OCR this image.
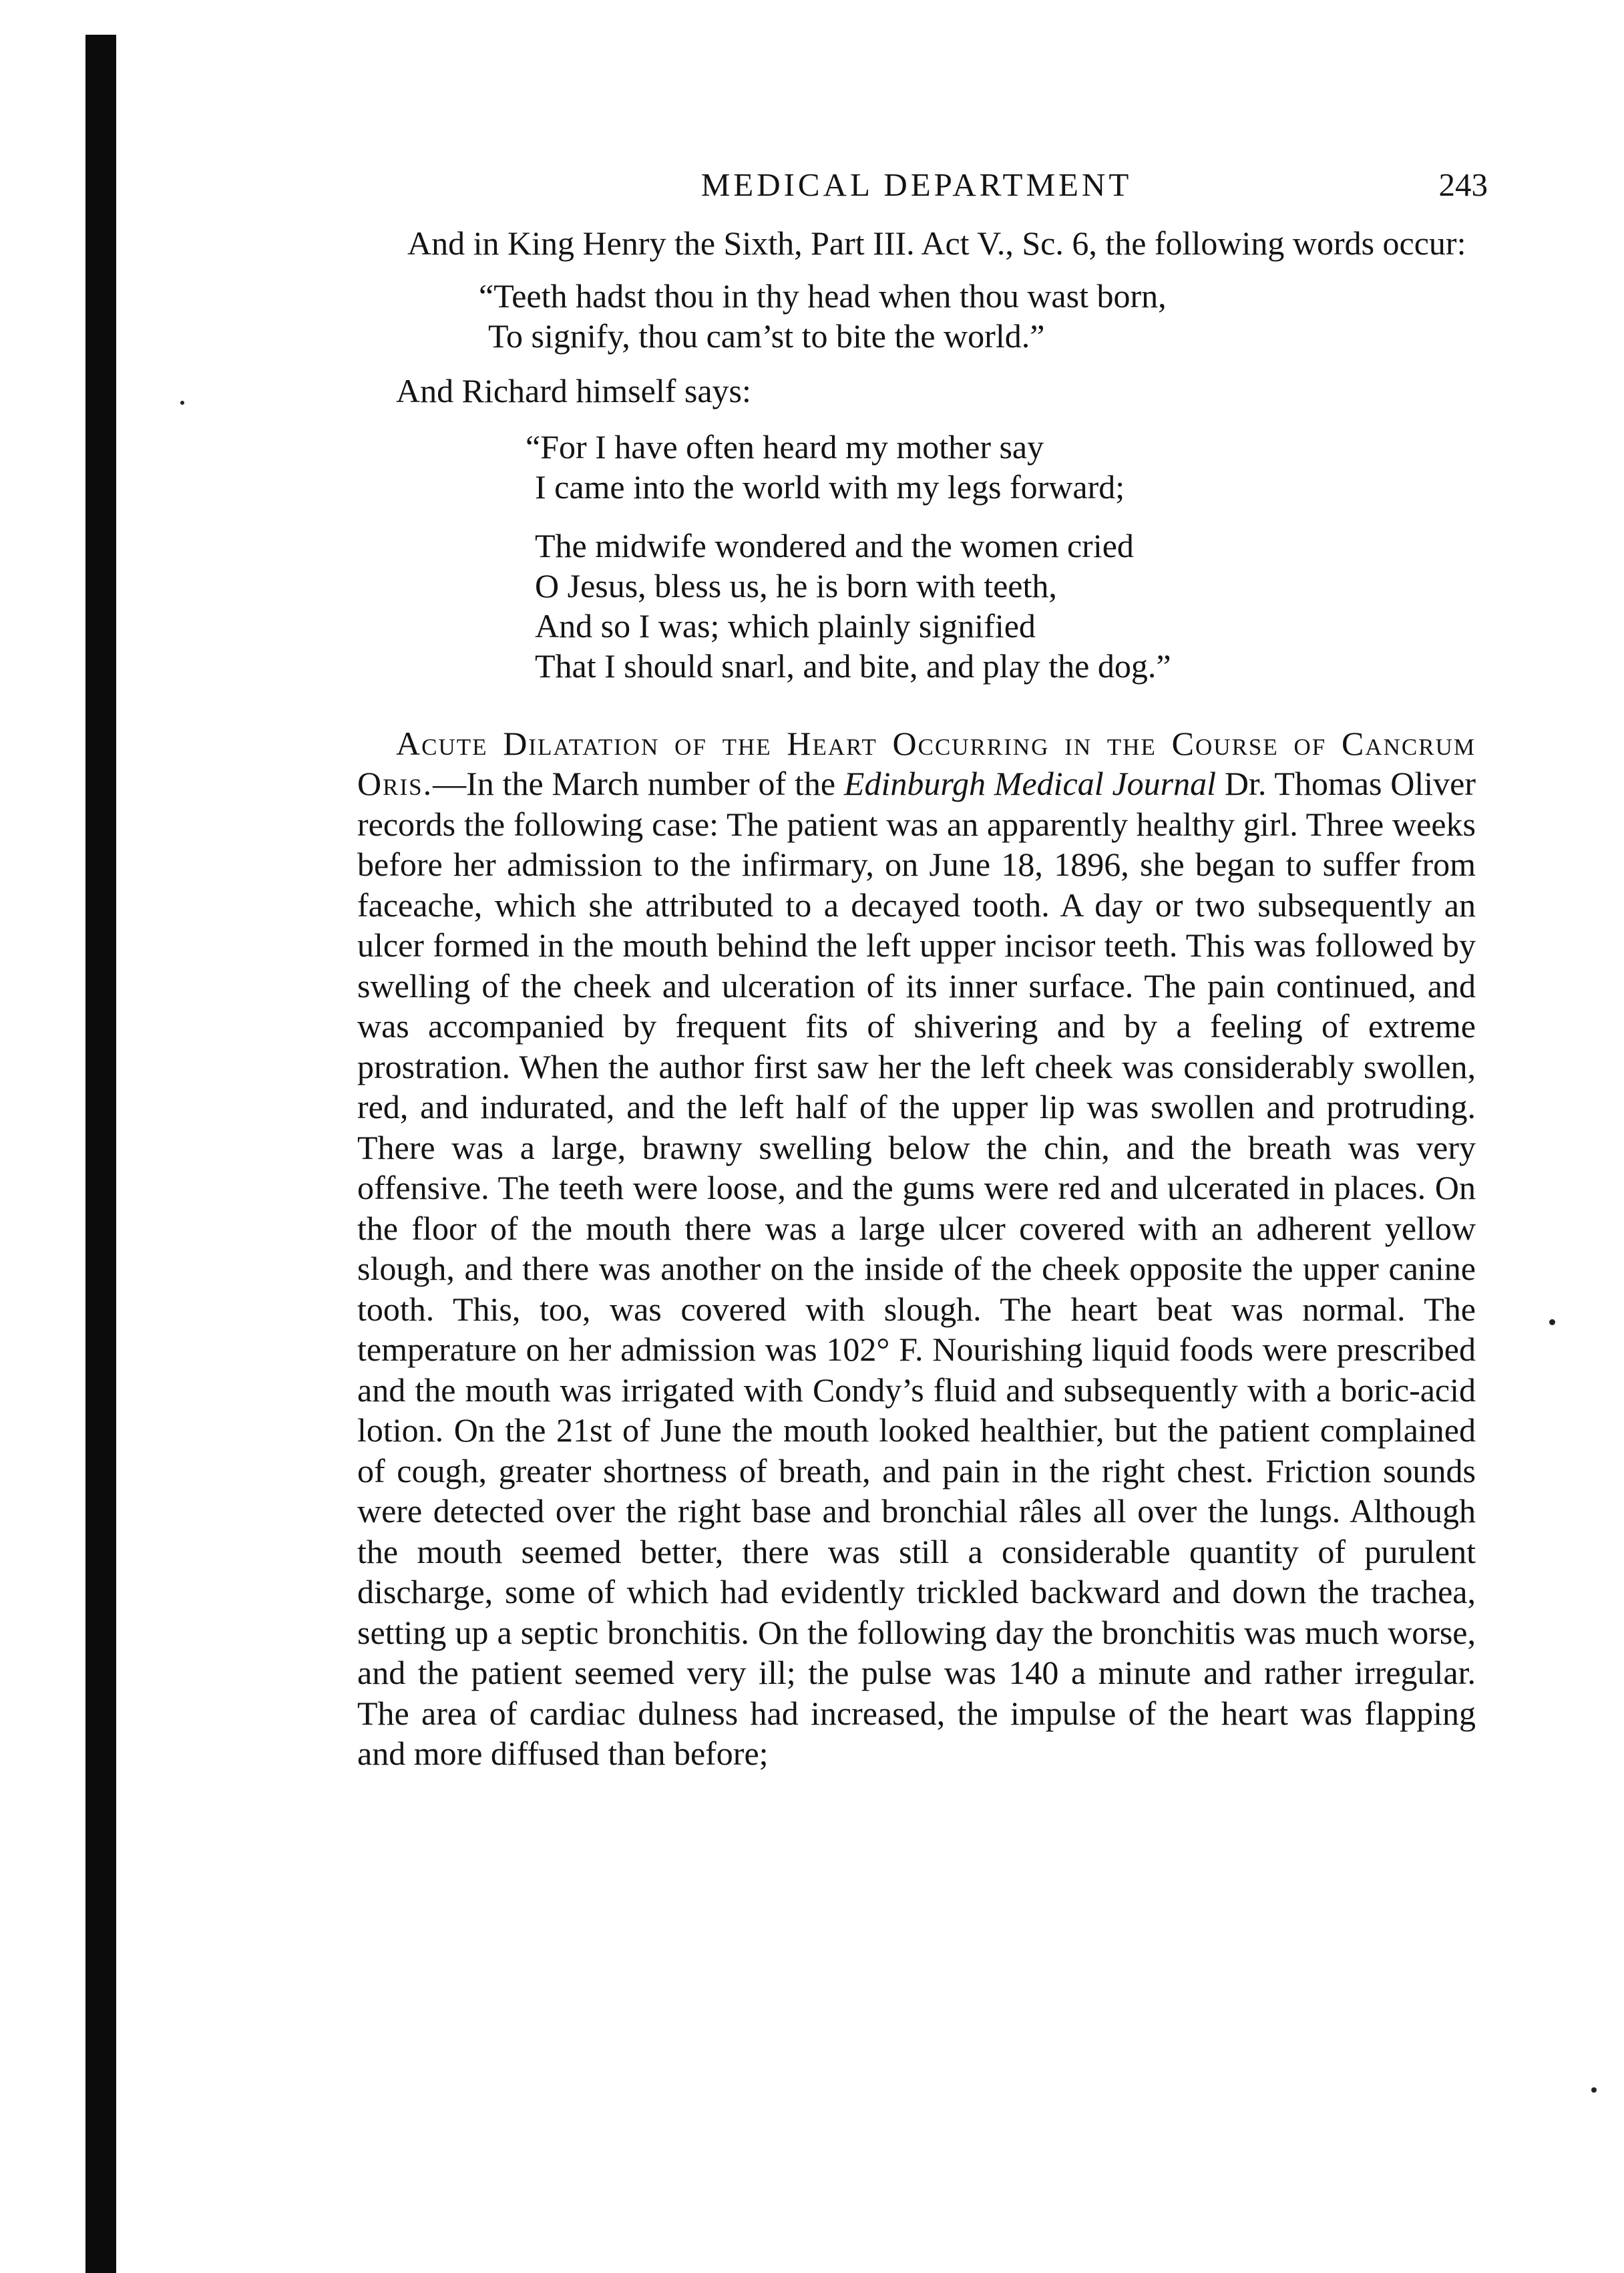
MEDICAL DEPARTMENT	243

And in King Henry the Sixth, Part III. Act V., Sc. 6, the following words occur:

“Teeth hadst thou in thy head when thou wast born,
To signify, thou cam’st to bite the world.”
And Richard himself says:
“For I have often heard my mother say
I came into the world with my legs forward;
The midwife wondered and the women cried
O Jesus, bless us, he is born with teeth,
And so I was; which plainly signified
That I should snarl, and bite, and play the dog.”

Acute Dilatation of the Heart Occurring in the Course of Cancrum Oris.—In the March number of the Edinburgh Medical Journal Dr. Thomas Oliver records the following case: The patient was an apparently healthy girl. Three weeks before her admission to the infirmary, on June 18, 1896, she began to suffer from faceache, which she attributed to a decayed tooth. A day or two subsequently an ulcer formed in the mouth behind the left upper incisor teeth. This was followed by swelling of the cheek and ulceration of its inner surface. The pain continued, and was accompanied by frequent fits of shivering and by a feeling of extreme prostration. When the author first saw her the left cheek was considerably swollen, red, and indurated, and the left half of the upper lip was swollen and protruding. There was a large, brawny swelling below the chin, and the breath was very offensive. The teeth were loose, and the gums were red and ulcerated in places. On the floor of the mouth there was a large ulcer covered with an adherent yellow slough, and there was another on the inside of the cheek opposite the upper canine tooth. This, too, was covered with slough. The heart beat was normal. The temperature on her admission was 102° F. Nourishing liquid foods were prescribed and the mouth was irrigated with Condy’s fluid and subsequently with a boric-acid lotion. On the 21st of June the mouth looked healthier, but the patient complained of cough, greater shortness of breath, and pain in the right chest. Friction sounds were detected over the right base and bronchial râles all over the lungs. Although the mouth seemed better, there was still a considerable quantity of purulent discharge, some of which had evidently trickled backward and down the trachea, setting up a septic bronchitis. On the following day the bronchitis was much worse, and the patient seemed very ill; the pulse was 140 a minute and rather irregular. The area of cardiac dulness had increased, the impulse of the heart was flapping and more diffused than before;
